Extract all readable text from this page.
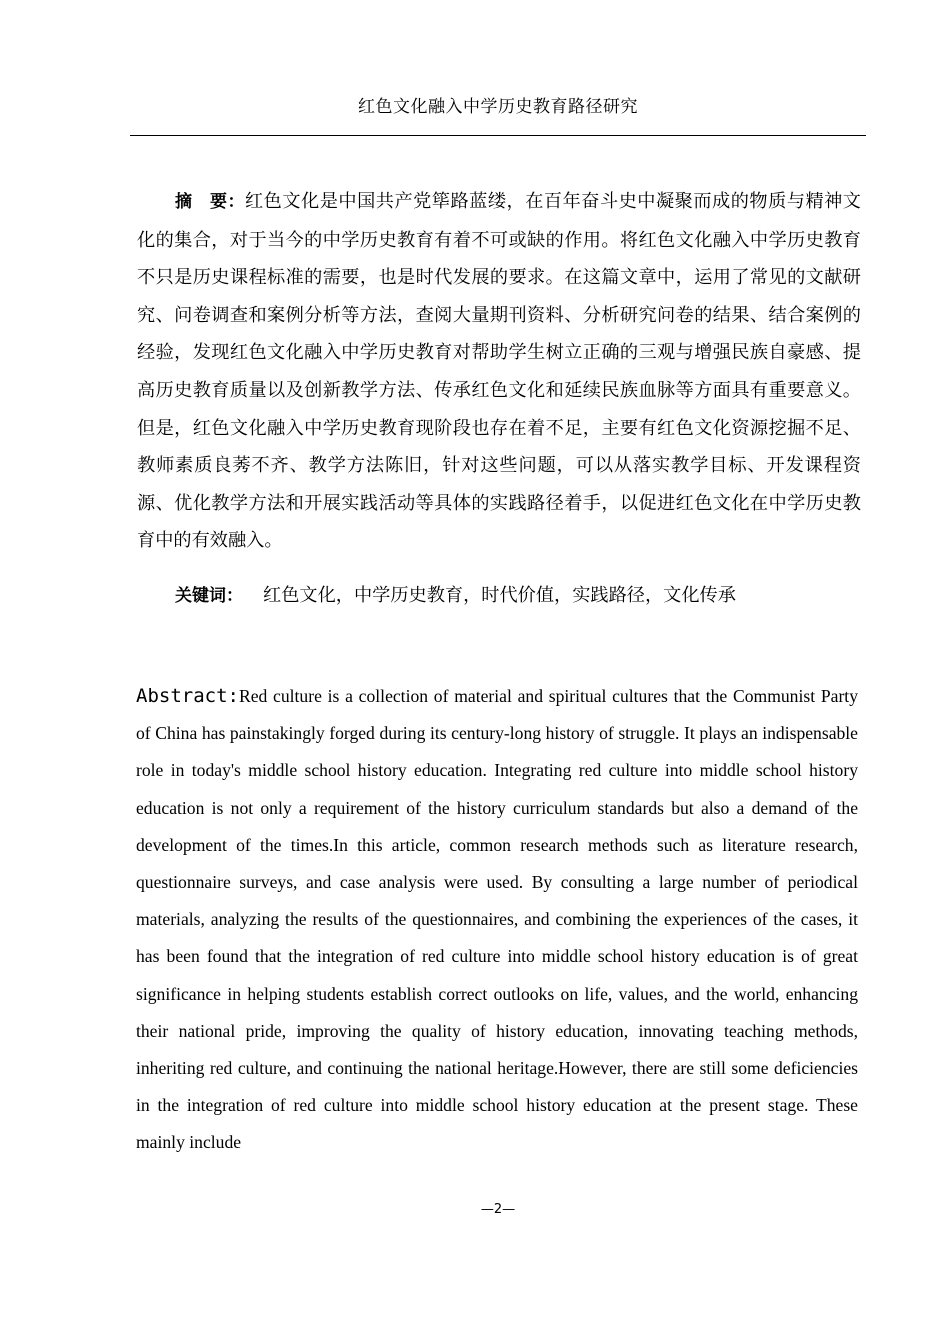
红色文化融入中学历史教育路径研究

摘　要：红色文化是中国共产党筚路蓝缕，在百年奋斗史中凝聚而成的物质与精神文化的集合，对于当今的中学历史教育有着不可或缺的作用。将红色文化融入中学历史教育不只是历史课程标准的需要，也是时代发展的要求。在这篇文章中，运用了常见的文献研究、问卷调查和案例分析等方法，查阅大量期刊资料、分析研究问卷的结果、结合案例的经验，发现红色文化融入中学历史教育对帮助学生树立正确的三观与增强民族自豪感、提高历史教育质量以及创新教学方法、传承红色文化和延续民族血脉等方面具有重要意义。但是，红色文化融入中学历史教育现阶段也存在着不足，主要有红色文化资源挖掘不足、教师素质良莠不齐、教学方法陈旧，针对这些问题，可以从落实教学目标、开发课程资源、优化教学方法和开展实践活动等具体的实践路径着手，以促进红色文化在中学历史教育中的有效融入。

关键词： 红色文化，中学历史教育，时代价值，实践路径，文化传承

Abstract:Red culture is a collection of material and spiritual cultures that the Communist Party of China has painstakingly forged during its century-long history of struggle. It plays an indispensable role in today's middle school history education. Integrating red culture into middle school history education is not only a requirement of the history curriculum standards but also a demand of the development of the times.In this article, common research methods such as literature research, questionnaire surveys, and case analysis were used. By consulting a large number of periodical materials, analyzing the results of the questionnaires, and combining the experiences of the cases, it has been found that the integration of red culture into middle school history education is of great significance in helping students establish correct outlooks on life, values, and the world, enhancing their national pride, improving the quality of history education, innovating teaching methods, inheriting red culture, and continuing the national heritage.However, there are still some deficiencies in the integration of red culture into middle school history education at the present stage. These mainly include

—2—
